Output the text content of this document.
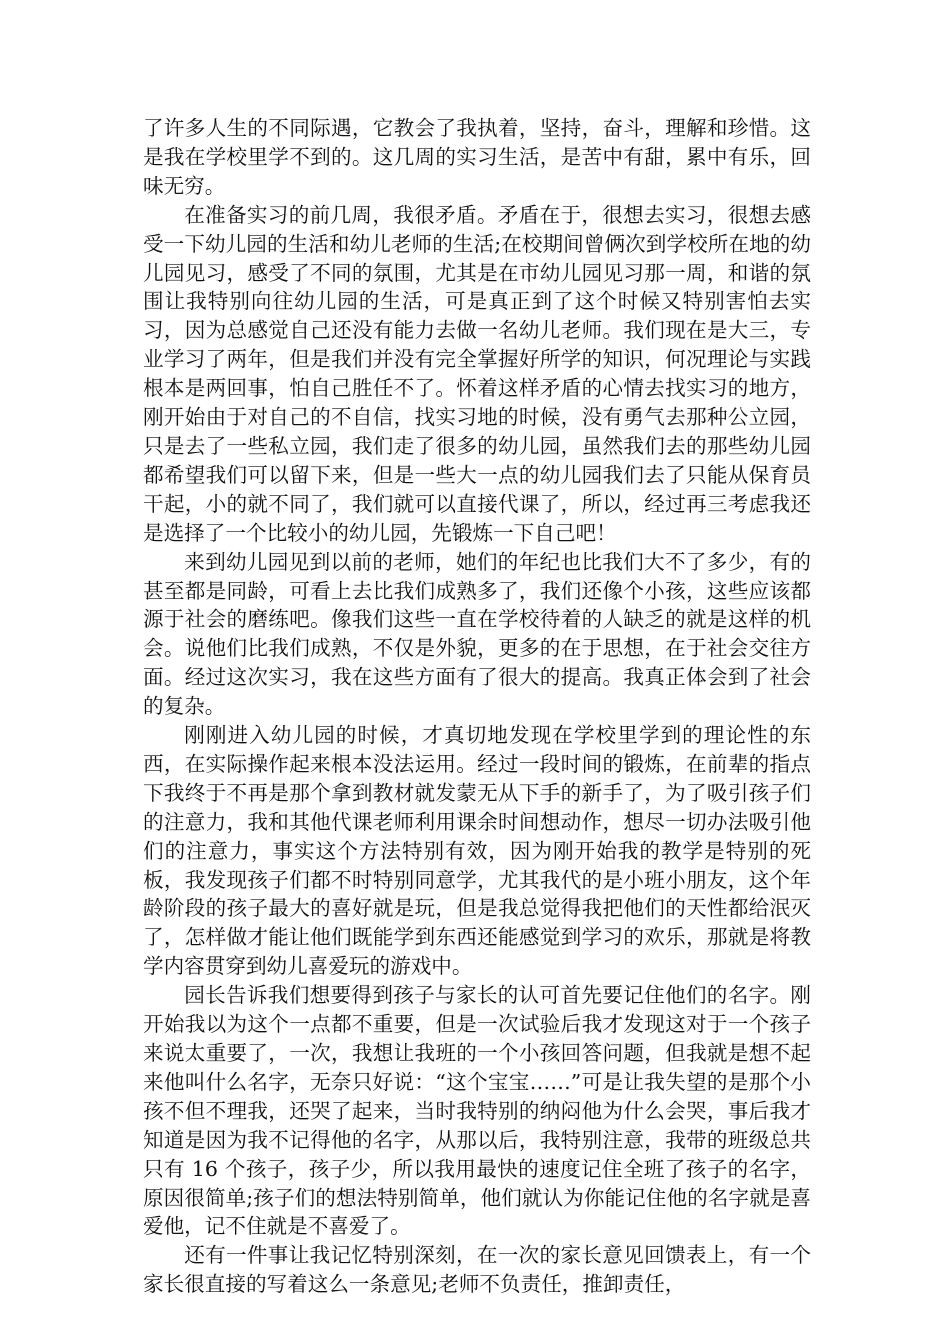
了许多人生的不同际遇，它教会了我执着，坚持，奋斗，理解和珍惜。这是我在学校里学不到的。这几周的实习生活，是苦中有甜，累中有乐，回味无穷。

在准备实习的前几周，我很矛盾。矛盾在于，很想去实习，很想去感受一下幼儿园的生活和幼儿老师的生活;在校期间曾俩次到学校所在地的幼儿园见习，感受了不同的氛围，尤其是在市幼儿园见习那一周，和谐的氛围让我特别向往幼儿园的生活，可是真正到了这个时候又特别害怕去实习，因为总感觉自己还没有能力去做一名幼儿老师。我们现在是大三，专业学习了两年，但是我们并没有完全掌握好所学的知识，何况理论与实践根本是两回事，怕自己胜任不了。怀着这样矛盾的心情去找实习的地方，刚开始由于对自己的不自信，找实习地的时候，没有勇气去那种公立园，只是去了一些私立园，我们走了很多的幼儿园，虽然我们去的那些幼儿园都希望我们可以留下来，但是一些大一点的幼儿园我们去了只能从保育员干起，小的就不同了，我们就可以直接代课了，所以，经过再三考虑我还是选择了一个比较小的幼儿园，先锻炼一下自己吧！

来到幼儿园见到以前的老师，她们的年纪也比我们大不了多少，有的甚至都是同龄，可看上去比我们成熟多了，我们还像个小孩，这些应该都源于社会的磨练吧。像我们这些一直在学校待着的人缺乏的就是这样的机会。说他们比我们成熟，不仅是外貌，更多的在于思想，在于社会交往方面。经过这次实习，我在这些方面有了很大的提高。我真正体会到了社会的复杂。

刚刚进入幼儿园的时候，才真切地发现在学校里学到的理论性的东西，在实际操作起来根本没法运用。经过一段时间的锻炼，在前辈的指点下我终于不再是那个拿到教材就发蒙无从下手的新手了，为了吸引孩子们的注意力，我和其他代课老师利用课余时间想动作，想尽一切办法吸引他们的注意力，事实这个方法特别有效，因为刚开始我的教学是特别的死板，我发现孩子们都不时特别同意学，尤其我代的是小班小朋友，这个年龄阶段的孩子最大的喜好就是玩，但是我总觉得我把他们的天性都给泯灭了，怎样做才能让他们既能学到东西还能感觉到学习的欢乐，那就是将教学内容贯穿到幼儿喜爱玩的游戏中。

园长告诉我们想要得到孩子与家长的认可首先要记住他们的名字。刚开始我以为这个一点都不重要，但是一次试验后我才发现这对于一个孩子来说太重要了，一次，我想让我班的一个小孩回答问题，但我就是想不起来他叫什么名字，无奈只好说：“这个宝宝……”可是让我失望的是那个小孩不但不理我，还哭了起来，当时我特别的纳闷他为什么会哭，事后我才知道是因为我不记得他的名字，从那以后，我特别注意，我带的班级总共只有 16 个孩子，孩子少，所以我用最快的速度记住全班了孩子的名字，原因很简单;孩子们的想法特别简单，他们就认为你能记住他的名字就是喜爱他，记不住就是不喜爱了。

还有一件事让我记忆特别深刻，在一次的家长意见回馈表上，有一个家长很直接的写着这么一条意见;老师不负责任，推卸责任，
